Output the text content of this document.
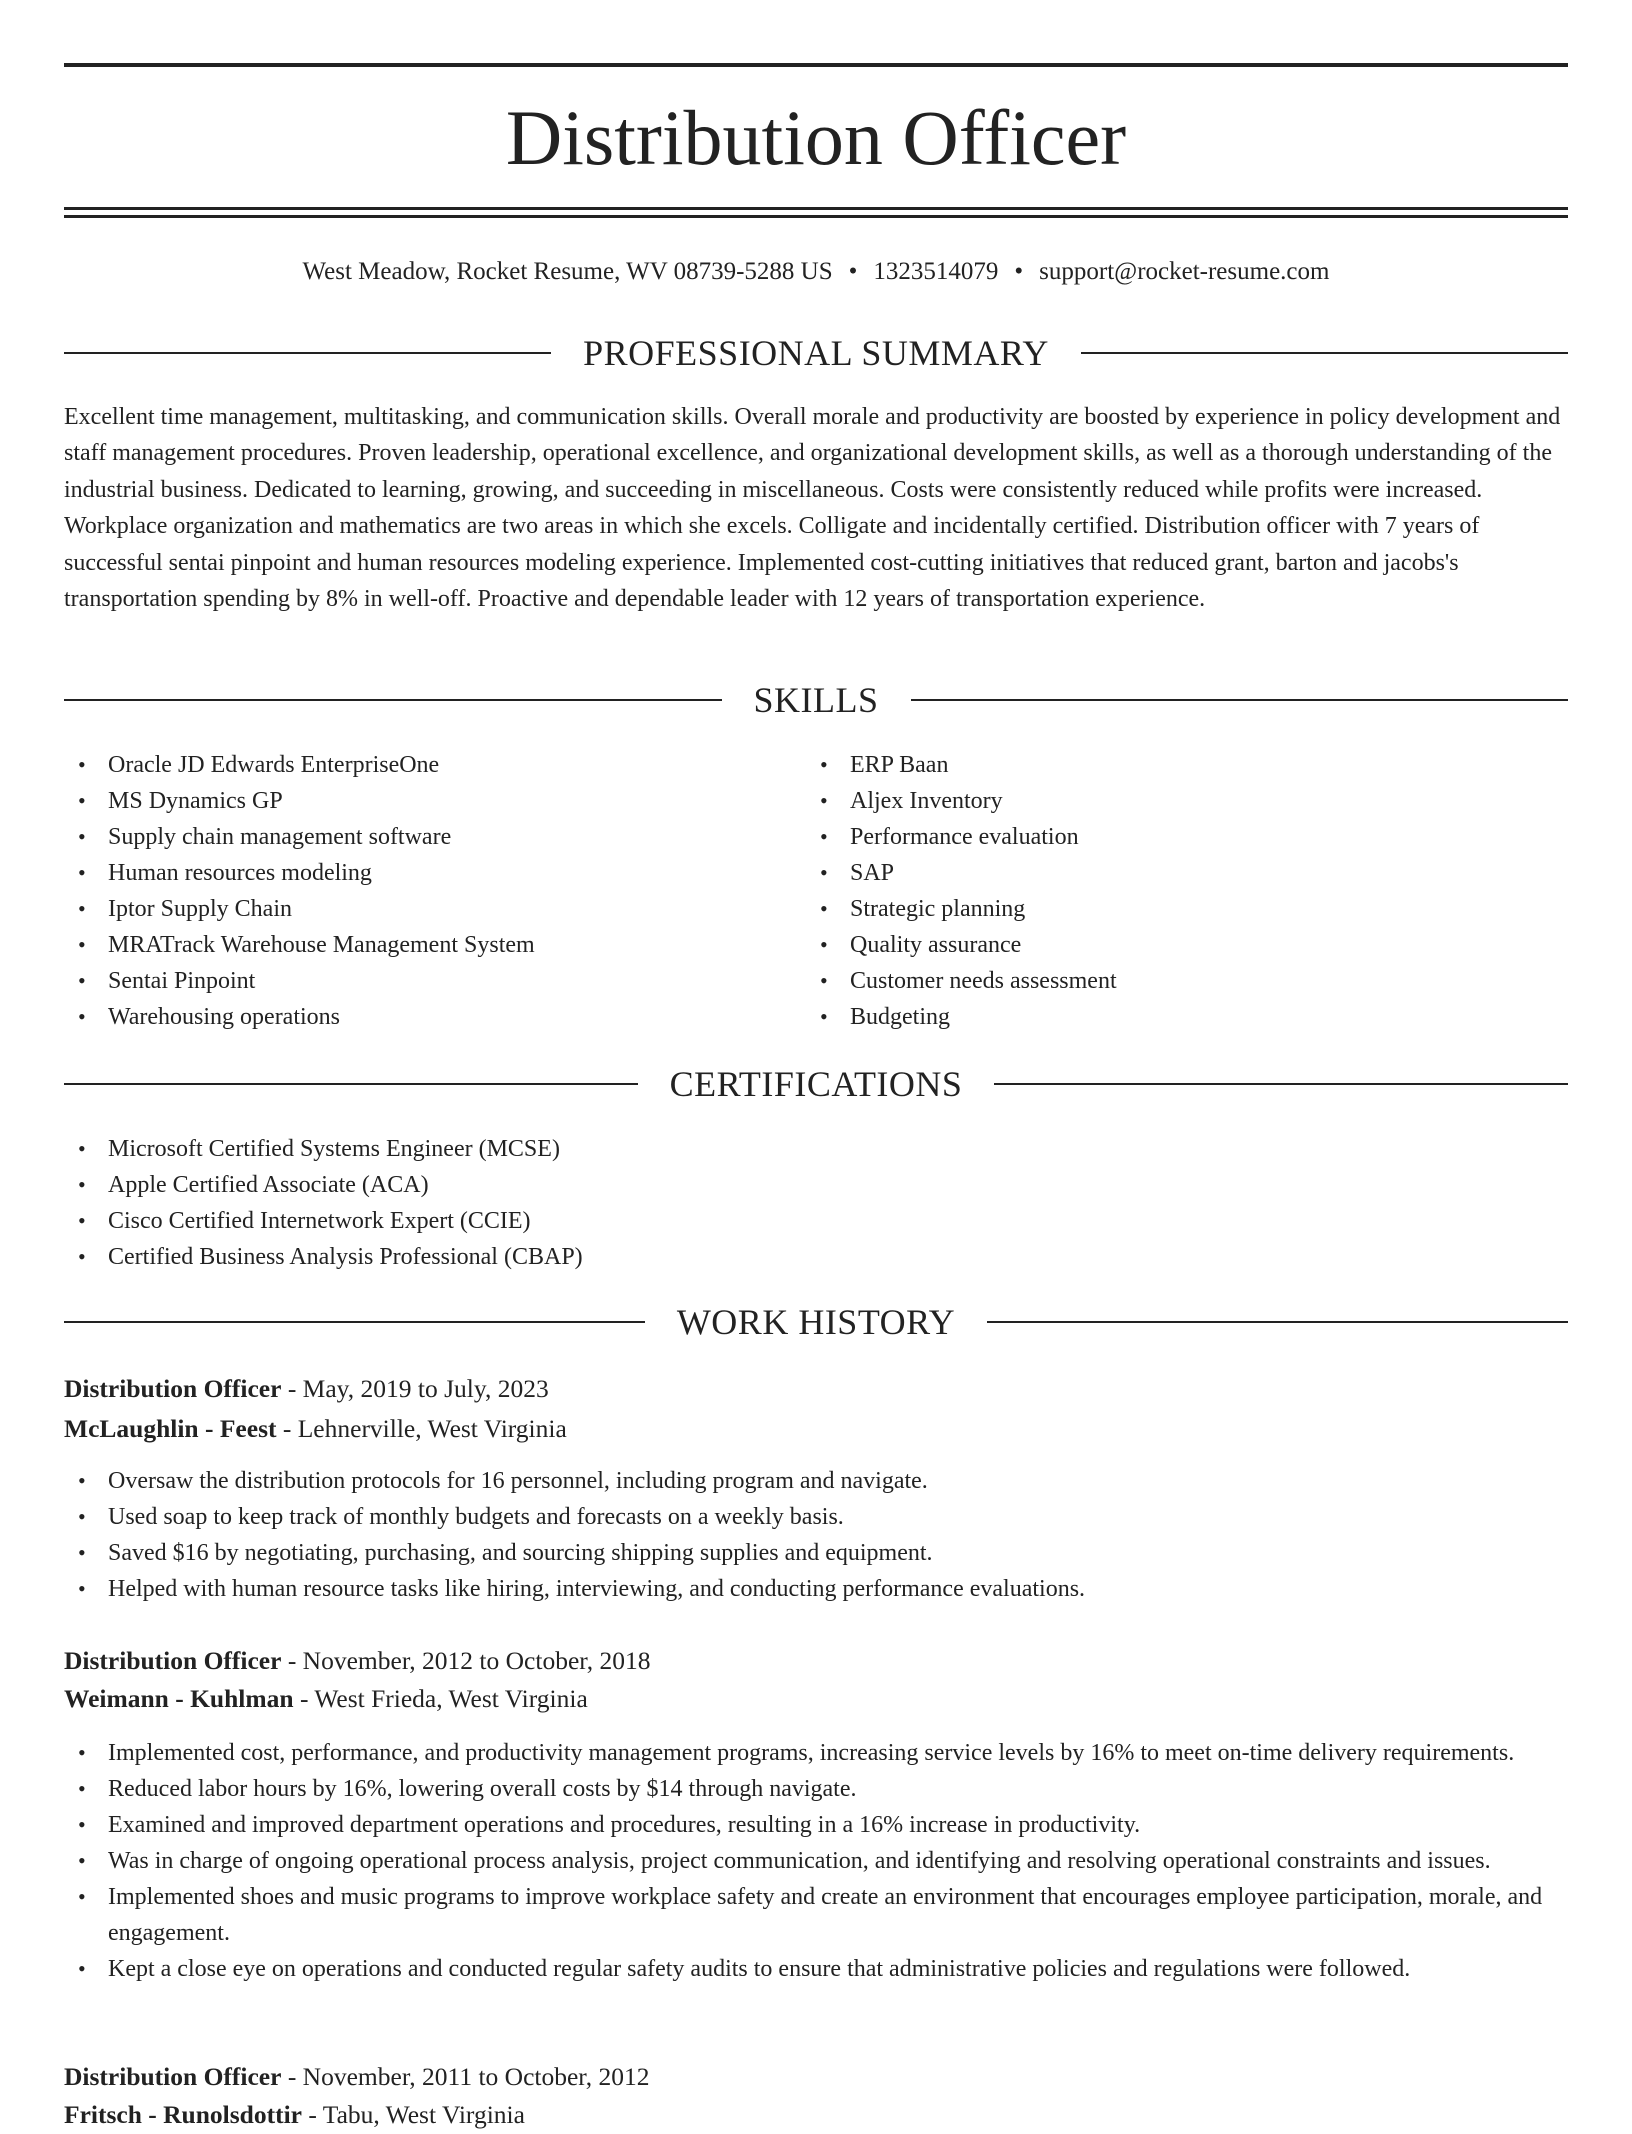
Distribution Officer
West Meadow, Rocket Resume, WV 08739-5288 US • 1323514079 • support@rocket-resume.com
PROFESSIONAL SUMMARY

Excellent time management, multitasking, and communication skills. Overall morale and productivity are boosted by experience in policy development and staff management procedures. Proven leadership, operational excellence, and organizational development skills, as well as a thorough understanding of the industrial business. Dedicated to learning, growing, and succeeding in miscellaneous. Costs were consistently reduced while profits were increased. Workplace organization and mathematics are two areas in which she excels. Colligate and incidentally certified. Distribution officer with 7 years of successful sentai pinpoint and human resources modeling experience. Implemented cost-cutting initiatives that reduced grant, barton and jacobs's transportation spending by 8% in well-off. Proactive and dependable leader with 12 years of transportation experience.

SKILLS
• Oracle JD Edwards EnterpriseOne
• MS Dynamics GP
• Supply chain management software
• Human resources modeling
• Iptor Supply Chain
• MRATrack Warehouse Management System
• Sentai Pinpoint
• Warehousing operations
• ERP Baan
• Aljex Inventory
• Performance evaluation
• SAP
• Strategic planning
• Quality assurance
• Customer needs assessment
• Budgeting
CERTIFICATIONS
• Microsoft Certified Systems Engineer (MCSE)
• Apple Certified Associate (ACA)
• Cisco Certified Internetwork Expert (CCIE)
• Certified Business Analysis Professional (CBAP)
WORK HISTORY
Distribution Officer - May, 2019 to July, 2023
McLaughlin - Feest - Lehnerville, West Virginia
• Oversaw the distribution protocols for 16 personnel, including program and navigate.
• Used soap to keep track of monthly budgets and forecasts on a weekly basis.
• Saved $16 by negotiating, purchasing, and sourcing shipping supplies and equipment.
• Helped with human resource tasks like hiring, interviewing, and conducting performance evaluations.
Distribution Officer - November, 2012 to October, 2018
Weimann - Kuhlman - West Frieda, West Virginia
• Implemented cost, performance, and productivity management programs, increasing service levels by 16% to meet on-time delivery requirements.
• Reduced labor hours by 16%, lowering overall costs by $14 through navigate.
• Examined and improved department operations and procedures, resulting in a 16% increase in productivity.
• Was in charge of ongoing operational process analysis, project communication, and identifying and resolving operational constraints and issues.
• Implemented shoes and music programs to improve workplace safety and create an environment that encourages employee participation, morale, and engagement.
• Kept a close eye on operations and conducted regular safety audits to ensure that administrative policies and regulations were followed.
Distribution Officer - November, 2011 to October, 2012
Fritsch - Runolsdottir - Tabu, West Virginia
